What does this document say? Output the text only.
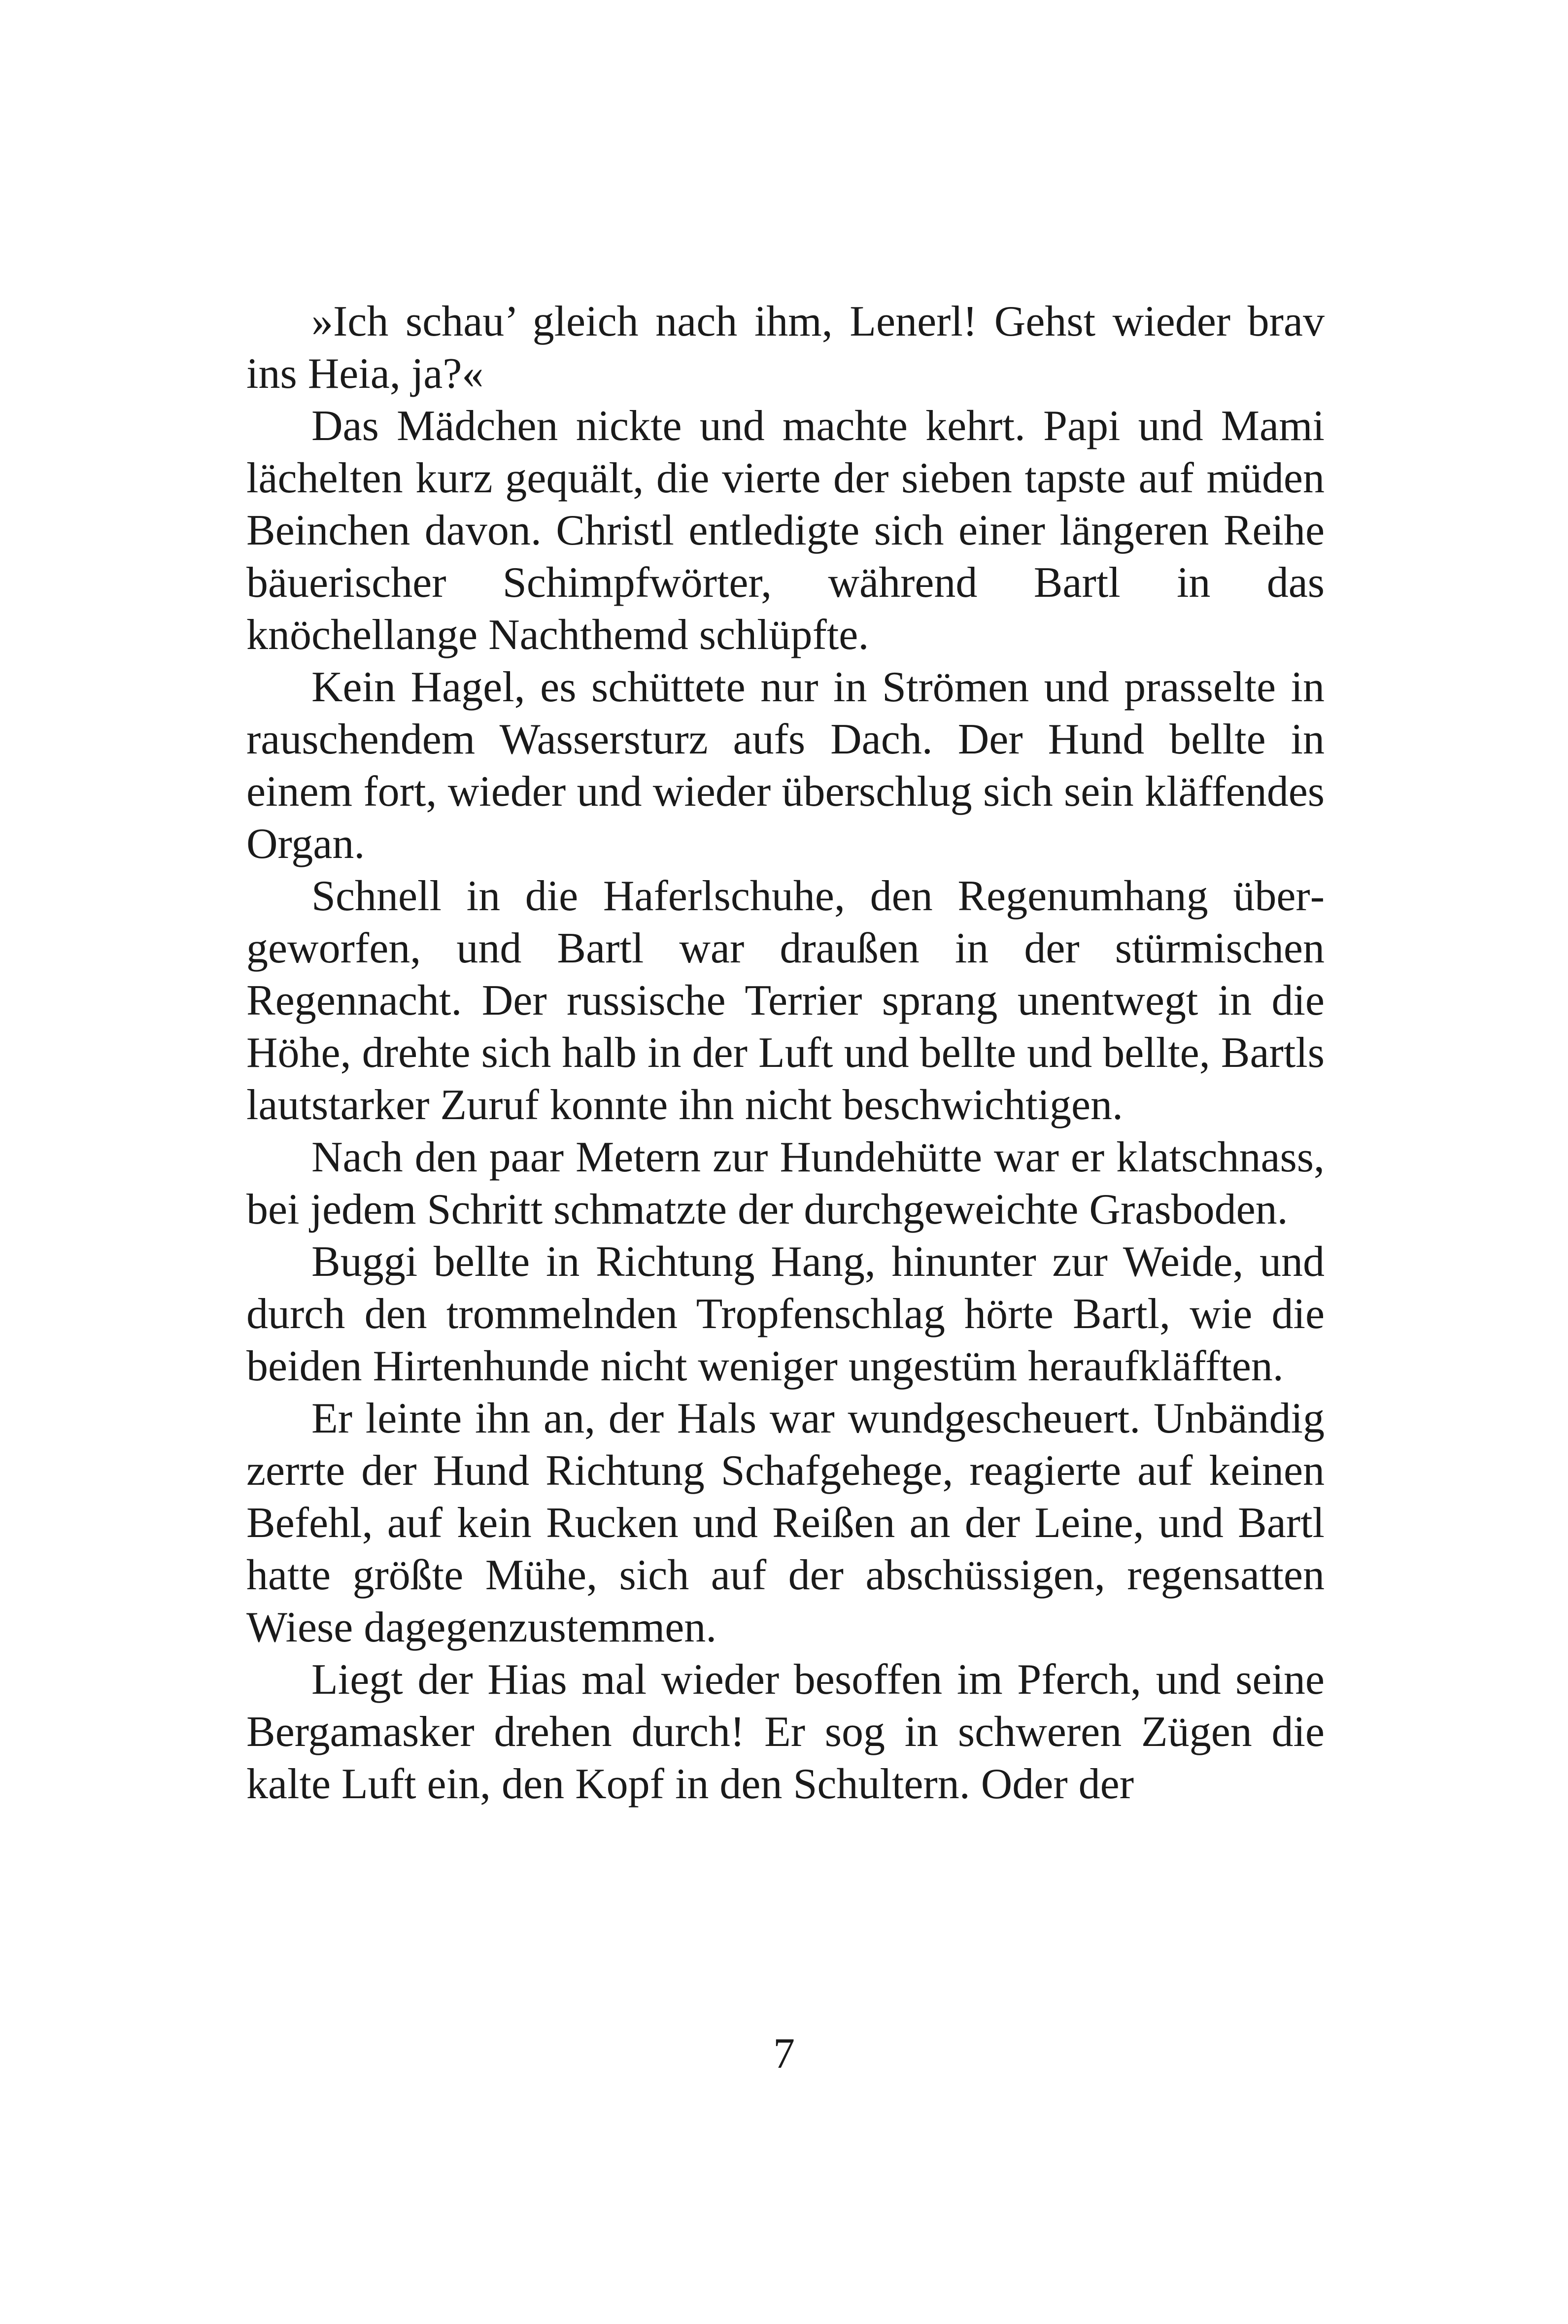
»Ich schau’ gleich nach ihm, Lenerl! Gehst wieder brav ins Heia, ja?«

Das Mädchen nickte und machte kehrt. Papi und Mami lächelten kurz gequält, die vierte der sieben tapste auf müden Beinchen davon. Christl entledigte sich einer längeren Reihe bäuerischer Schimpfwörter, während Bartl in das knöchellange Nachthemd schlüpfte.

Kein Hagel, es schüttete nur in Strömen und prasselte in rauschendem Wassersturz aufs Dach. Der Hund bellte in einem fort, wieder und wieder überschlug sich sein kläffendes Organ.

Schnell in die Haferlschuhe, den Regenumhang übergeworfen, und Bartl war draußen in der stürmischen Regennacht. Der russische Terrier sprang unentwegt in die Höhe, drehte sich halb in der Luft und bellte und bellte, Bartls lautstarker Zuruf konnte ihn nicht beschwichtigen.

Nach den paar Metern zur Hundehütte war er klatschnass, bei jedem Schritt schmatzte der durchgeweichte Grasboden.

Buggi bellte in Richtung Hang, hinunter zur Weide, und durch den trommelnden Tropfenschlag hörte Bartl, wie die beiden Hirtenhunde nicht weniger ungestüm heraufkläfften.

Er leinte ihn an, der Hals war wundgescheuert. Unbändig zerrte der Hund Richtung Schafgehege, reagierte auf keinen Befehl, auf kein Rucken und Reißen an der Leine, und Bartl hatte größte Mühe, sich auf der abschüssigen, regensatten Wiese dagegenzustemmen.

Liegt der Hias mal wieder besoffen im Pferch, und seine Bergamasker drehen durch! Er sog in schweren Zügen die kalte Luft ein, den Kopf in den Schultern. Oder der

7
